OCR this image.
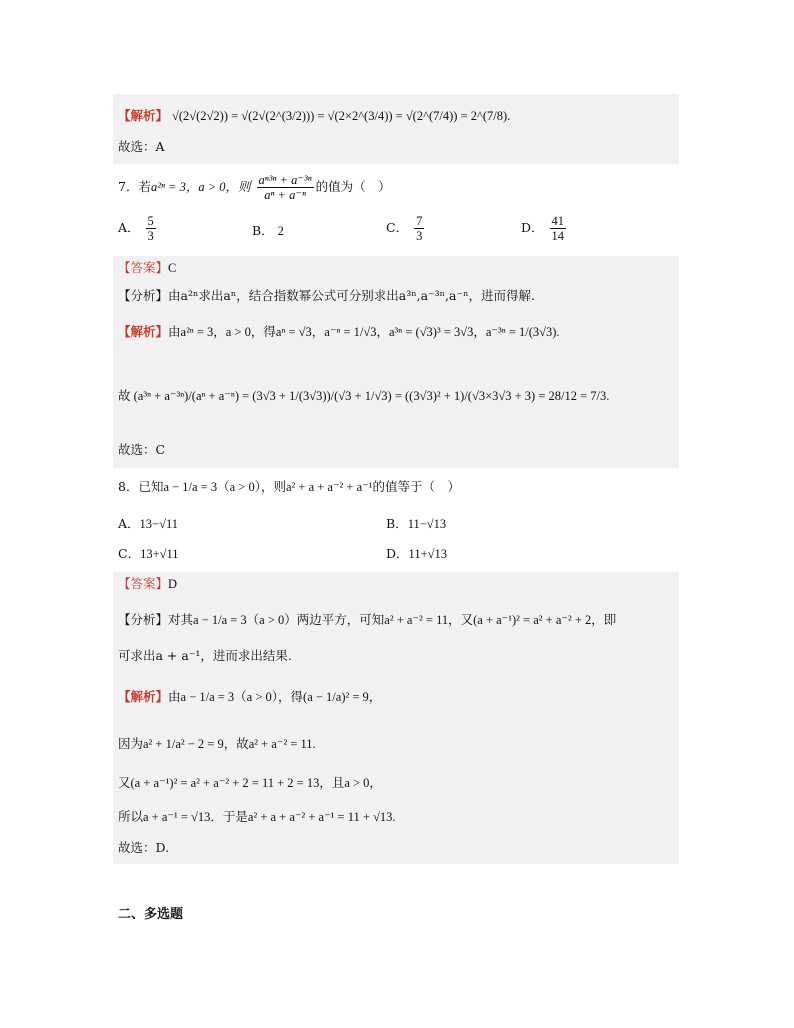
【解析】 √(2√(2√2)) = √(2√(2^(3/2))) = √(2×2^(3/4)) = √(2^(7/4)) = 2^(7/8).
故选：A
7．若a²ⁿ = 3，a > 0，则 $\frac{\text{aⁿ³ⁿ + a⁻³ⁿ}}{\text{aⁿ + a⁻ⁿ}}$ 的值为（　）
A． $\frac{5}{3}$	B． 2	C． $\frac{7}{3}$	D． $\frac{41}{14}$
【答案】C
【分析】由a²ⁿ求出aⁿ，结合指数幂公式可分别求出a³ⁿ,a⁻³ⁿ,a⁻ⁿ，进而得解.
【解析】由a²ⁿ = 3，a > 0，得aⁿ = √3，a⁻ⁿ = 1/√3，a³ⁿ = (√3)³ = 3√3，a⁻³ⁿ = 1/(3√3).
故 (a³ⁿ + a⁻³ⁿ)/(aⁿ + a⁻ⁿ) = (3√3 + 1/(3√3))/(√3 + 1/√3) = ((3√3)² + 1)/(√3×3√3 + 3) = 28/12 = 7/3.
故选：C
8．已知a − 1/a = 3（a > 0），则a² + a + a⁻² + a⁻¹的值等于（　）
A．13−√11	B．11−√13
C．13+√11	D．11+√13
【答案】D
【分析】对其a − 1/a = 3（a > 0）两边平方，可知a² + a⁻² = 11，又(a + a⁻¹)² = a² + a⁻² + 2，即
可求出a + a⁻¹，进而求出结果.
【解析】由a − 1/a = 3（a > 0），得(a − 1/a)² = 9，
因为a² + 1/a² − 2 = 9，故a² + a⁻² = 11.
又(a + a⁻¹)² = a² + a⁻² + 2 = 11 + 2 = 13，且a > 0，
所以a + a⁻¹ = √13．于是a² + a + a⁻² + a⁻¹ = 11 + √13.
故选：D.
二、多选题
